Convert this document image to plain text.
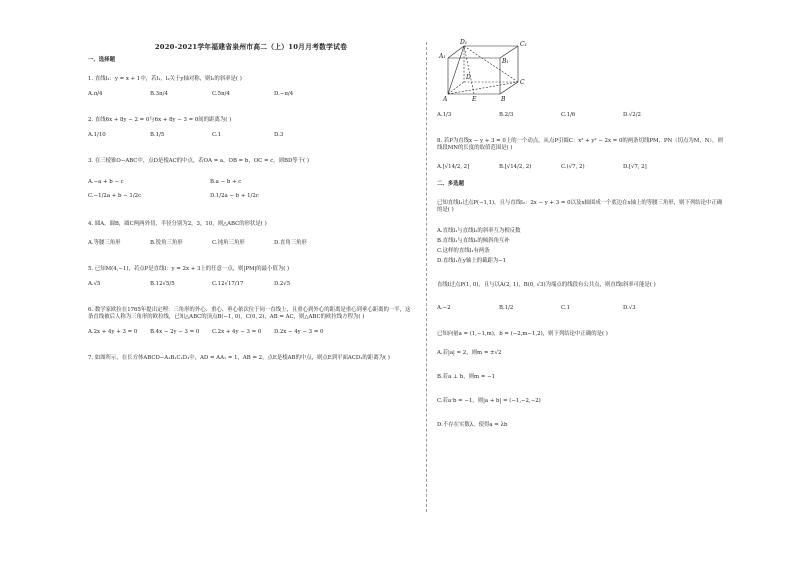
2020-2021学年福建省泉州市高二（上）10月月考数学试卷
一、选择题

1. 直线l₁：y = x + 1中，若l₁，l₂关于y轴对称，则l₂的斜率是( )

A.π/4	B.3π/4	C.5π/4	D.−π/4

2. 直线6x + 8y − 2 = 0与6x + 8y − 3 = 0间的距离为( )

A.1/10	B.1/5	C.1	D.3

3. 在三棱锥O−ABC中，点D是棱AC的中点，若OA = a，OB = b，OC = c，则BD等于( )

A.−a + b − c	B.a − b + c
C.−1/2a + b − 1/2c	D.1/2a − b + 1/2c

4. 圆A，圆B，圆C两两外切，半径分别为2，3，10，则△ABC的形状是( )

A.等腰三角形	B.锐角三角形	C.钝角三角形	D.直角三角形

5. 已知M(4,−1)，若点P是直线l：y = 2x + 3上的任意一点，则|PM|的最小值为( )

A.√5	B.12√5/5	C.12√17/17	D.2√5

6. 数学家欧拉在1765年提出定理：三角形的外心、重心、垂心依次位于同一直线上，且重心到外心的距离是重心到垂心距离的一半，这条直线被后人称为三角形的欧拉线，已知△ABC的顶点B(−1, 0)，C(0, 2)，AB = AC，则△ABC的欧拉线方程为( )

A.2x + 4y + 3 = 0	B.4x − 2y − 3 = 0	C.2x + 4y − 3 = 0	D.2x − 4y − 3 = 0

7. 如图所示，在长方体ABCD−A₁B₁C₁D₁中，AD = AA₁ = 1，AB = 2，点E是棱AB的中点，则点E到平面ACD₁的距离为( )

D₁	C₁
A₁
B₁
D
C
A	E	B
A.1/3	B.2/3	C.1/6	D.√2/2

8. 若P为直线x − y + 3 = 0上的一个动点，从点P引圆C：x² + y² − 2x = 0的两条切线PM，PN（切点为M，N），则线段MN的长度的取值范围是( )

A.[√14/2, 2]	B.[√14/2, 2)	C.(√7, 2)	D.[√7, 2]
二、多选题

已知直线l₁过点P(−1,1)，且与直线l₂：2x − y + 3 = 0以及x轴围成一个底边在x轴上的等腰三角形，则下列结论中正确的是( )

A.直线l₁与直线l₂的斜率互为相反数
B.直线l₁与直线l₂的倾斜角互补
C.这样的直线l₁有两条
D.直线l₁在y轴上的截距为−1

直线l过点P(1, 0)，且与以A(2, 1)，B(0, √3)为端点的线段有公共点，则直线l斜率可能是( )

A.−2	B.1/2	C.1	D.√3

已知向量a = (1,−1,m)，b = (−2,m−1,2)，则下列结论中正确的是( )

A.若|a| = 2，则m = ±√2
B.若a ⊥ b，则m = −1
C.若a·b = −1，则|a + b| = (−1,−2,−2)
D.不存在实数λ，使得a = λb
